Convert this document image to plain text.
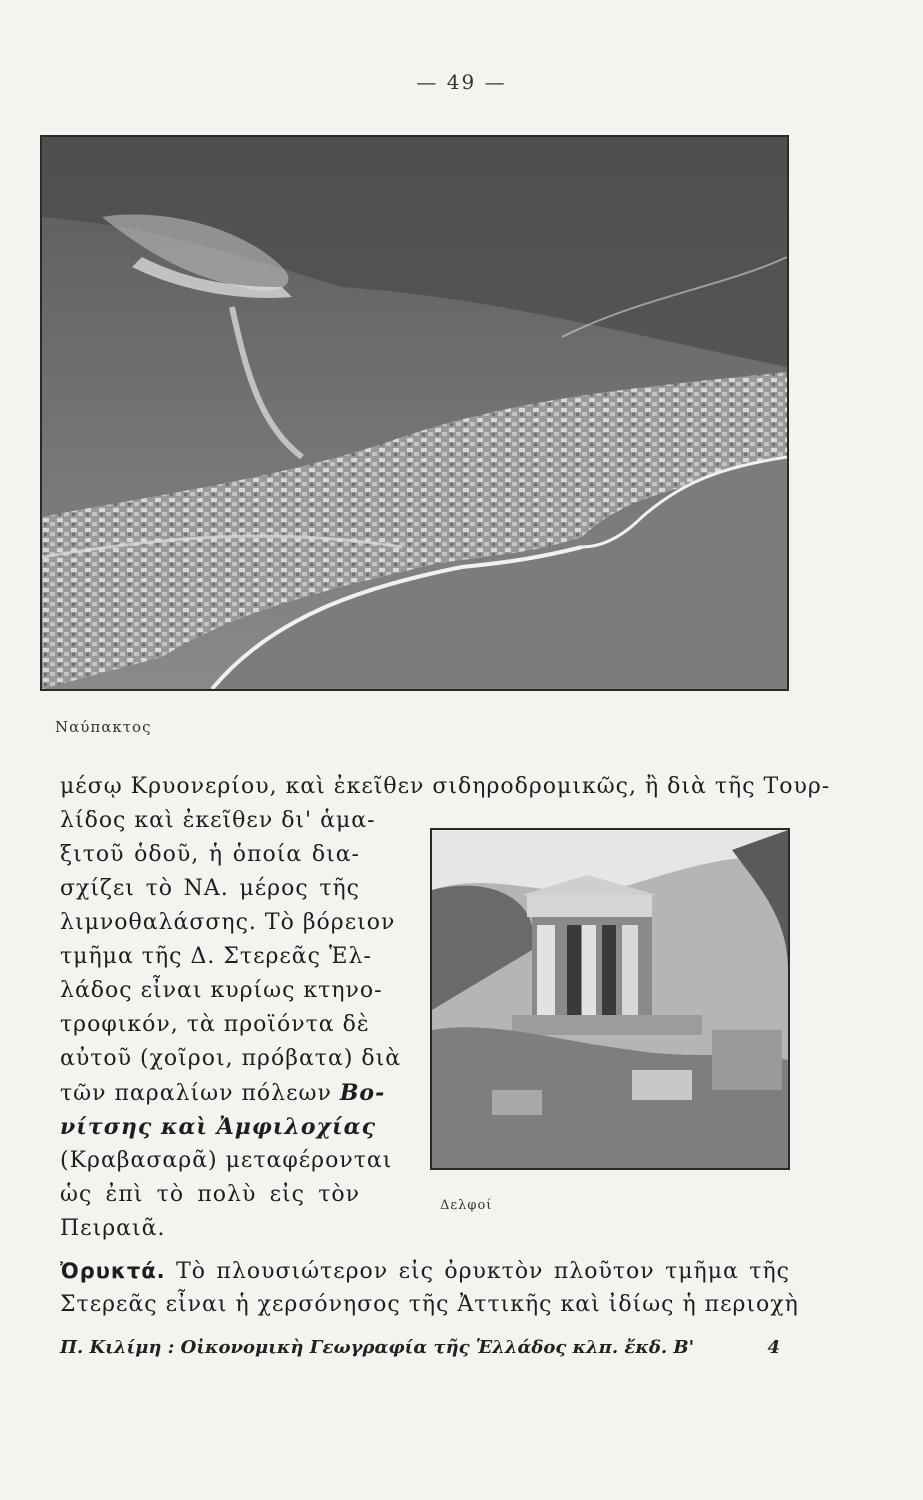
— 49 —
Ναύπακτος
μέσῳ Κρυονερίου, καὶ ἐκεῖθεν σιδηροδρομικῶς, ἢ διὰ τῆς Τουρ-
λίδος καὶ ἐκεῖθεν δι' ἁμα-
ξιτοῦ ὁδοῦ, ἡ ὁποία δια-
σχίζει τὸ ΝΑ. μέρος τῆς
λιμνοθαλάσσης. Τὸ βόρειον
τμῆμα τῆς Δ. Στερεᾶς Ἑλ-
λάδος εἶναι κυρίως κτηνο-
τροφικόν, τὰ προϊόντα δὲ
αὐτοῦ (χοῖροι, πρόβατα) διὰ
τῶν παραλίων πόλεων Βο-
νίτσης καὶ Ἀμφιλοχίας
(Κραβασαρᾶ) μεταφέρονται
ὡς ἐπὶ τὸ πολὺ εἰς τὸν
Πειραιᾶ.
Ὀρυκτά. Τὸ πλουσιώτερον εἰς ὀρυκτὸν πλοῦτον τμῆμα τῆς
Στερεᾶς εἶναι ἡ χερσόνησος τῆς Ἀττικῆς καὶ ἰδίως ἡ περιοχὴ
Δελφοί
Π. Κιλίμη : Οἰκονομικὴ Γεωγραφία τῆς Ἑλλάδος κλπ. ἔκδ. Β'	4
